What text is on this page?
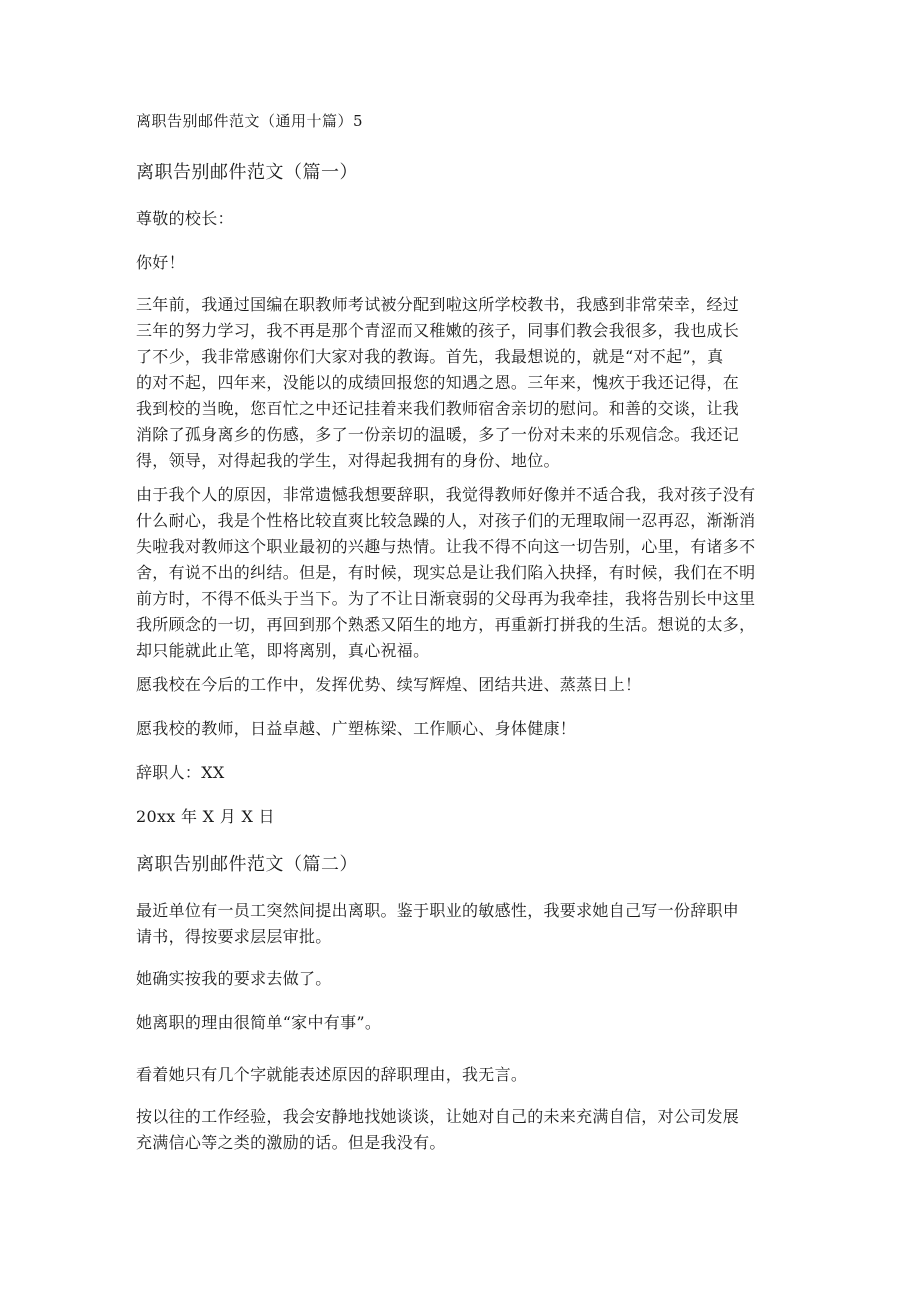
离职告别邮件范文（通用十篇）5
离职告别邮件范文（篇一）
尊敬的校长：
你好！
三年前，我通过国编在职教师考试被分配到啦这所学校教书，我感到非常荣幸，经过
三年的努力学习，我不再是那个青涩而又稚嫩的孩子，同事们教会我很多，我也成长
了不少，我非常感谢你们大家对我的教诲。首先，我最想说的，就是“对不起”，真
的对不起，四年来，没能以的成绩回报您的知遇之恩。三年来，愧疚于我还记得，在
我到校的当晚，您百忙之中还记挂着来我们教师宿舍亲切的慰问。和善的交谈，让我
消除了孤身离乡的伤感，多了一份亲切的温暖，多了一份对未来的乐观信念。我还记
得，领导，对得起我的学生，对得起我拥有的身份、地位。
由于我个人的原因，非常遗憾我想要辞职，我觉得教师好像并不适合我，我对孩子没有
什么耐心，我是个性格比较直爽比较急躁的人，对孩子们的无理取闹一忍再忍，渐渐消
失啦我对教师这个职业最初的兴趣与热情。让我不得不向这一切告别，心里，有诸多不
舍，有说不出的纠结。但是，有时候，现实总是让我们陷入抉择，有时候，我们在不明
前方时，不得不低头于当下。为了不让日渐衰弱的父母再为我牵挂，我将告别长中这里
我所顾念的一切，再回到那个熟悉又陌生的地方，再重新打拼我的生活。想说的太多，
却只能就此止笔，即将离别，真心祝福。
愿我校在今后的工作中，发挥优势、续写辉煌、团结共进、蒸蒸日上！
愿我校的教师，日益卓越、广塑栋梁、工作顺心、身体健康！
辞职人：XX
20xx 年 X 月 X 日
离职告别邮件范文（篇二）
最近单位有一员工突然间提出离职。鉴于职业的敏感性，我要求她自己写一份辞职申
请书，得按要求层层审批。
她确实按我的要求去做了。
她离职的理由很简单“家中有事”。
看着她只有几个字就能表述原因的辞职理由，我无言。
按以往的工作经验，我会安静地找她谈谈，让她对自己的未来充满自信，对公司发展
充满信心等之类的激励的话。但是我没有。
